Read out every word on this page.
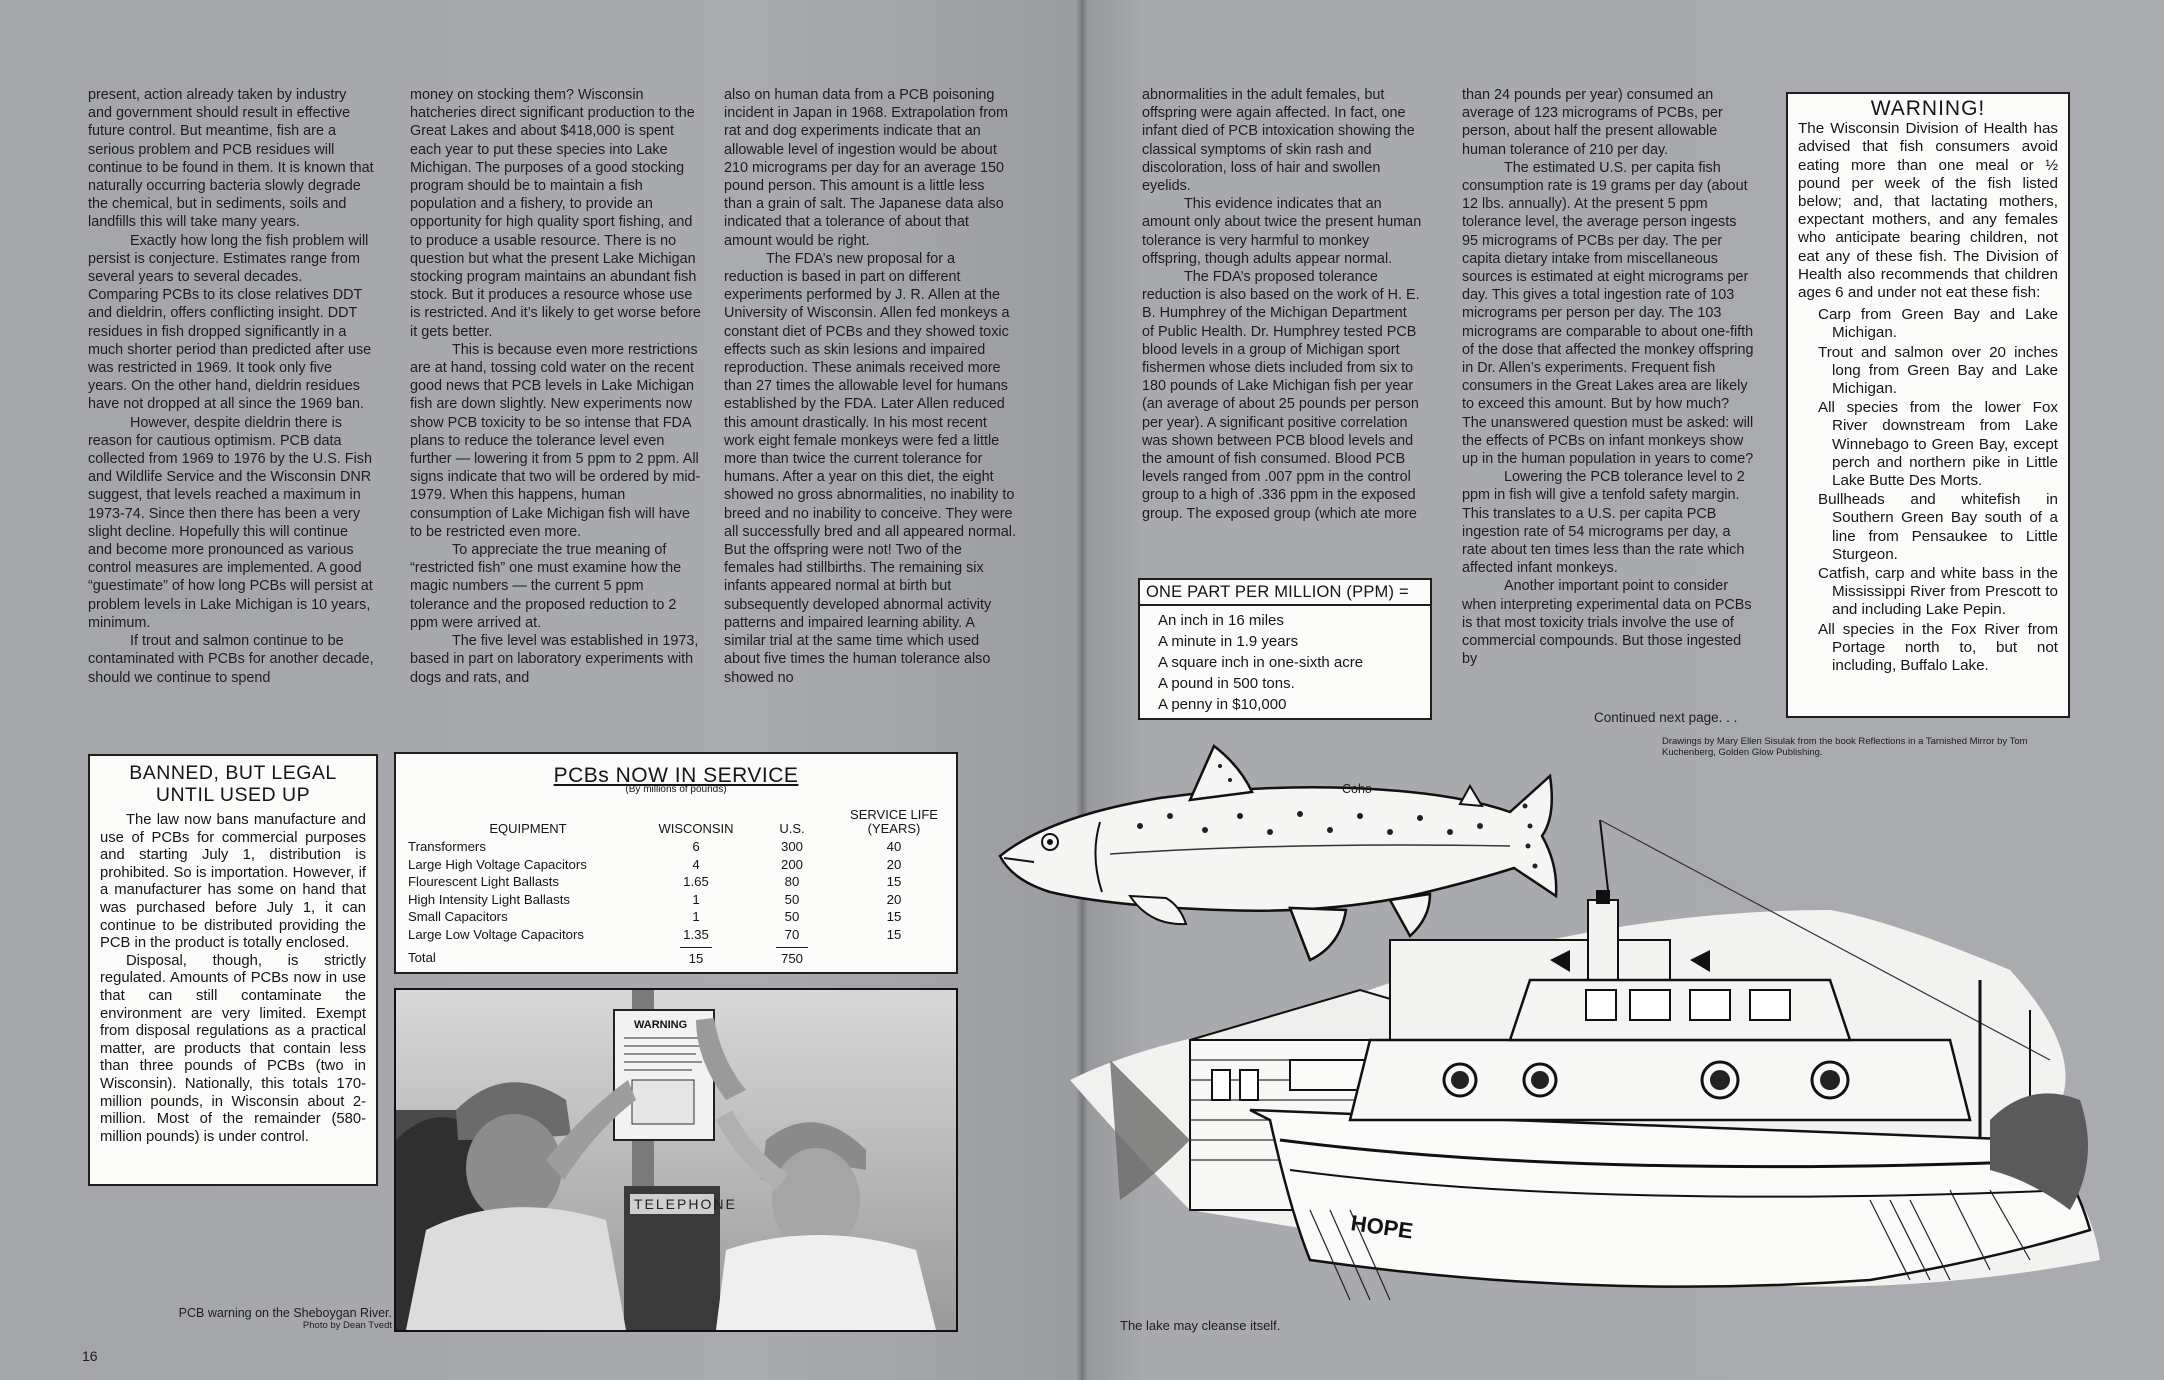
present, action already taken by industry and government should result in effective future control. But meantime, fish are a serious problem and PCB residues will continue to be found in them. It is known that naturally occurring bacteria slowly degrade the chemical, but in sediments, soils and landfills this will take many years.

Exactly how long the fish problem will persist is conjecture. Estimates range from several years to several decades. Comparing PCBs to its close relatives DDT and dieldrin, offers conflicting insight. DDT residues in fish dropped significantly in a much shorter period than predicted after use was restricted in 1969. It took only five years. On the other hand, dieldrin residues have not dropped at all since the 1969 ban.

However, despite dieldrin there is reason for cautious optimism. PCB data collected from 1969 to 1976 by the U.S. Fish and Wildlife Service and the Wisconsin DNR suggest, that levels reached a maximum in 1973-74. Since then there has been a very slight decline. Hopefully this will continue and become more pronounced as various control measures are implemented. A good “guestimate” of how long PCBs will persist at problem levels in Lake Michigan is 10 years, minimum.

If trout and salmon continue to be contaminated with PCBs for another decade, should we continue to spend

money on stocking them? Wisconsin hatcheries direct significant production to the Great Lakes and about $418,000 is spent each year to put these species into Lake Michigan. The purposes of a good stocking program should be to maintain a fish population and a fishery, to provide an opportunity for high quality sport fishing, and to produce a usable resource. There is no question but what the present Lake Michigan stocking program maintains an abundant fish stock. But it produces a resource whose use is restricted. And it’s likely to get worse before it gets better.

This is because even more restrictions are at hand, tossing cold water on the recent good news that PCB levels in Lake Michigan fish are down slightly. New experiments now show PCB toxicity to be so intense that FDA plans to reduce the tolerance level even further — lowering it from 5 ppm to 2 ppm. All signs indicate that two will be ordered by mid-1979. When this happens, human consumption of Lake Michigan fish will have to be restricted even more.

To appreciate the true meaning of “restricted fish” one must examine how the magic numbers — the current 5 ppm tolerance and the proposed reduction to 2 ppm were arrived at.

The five level was established in 1973, based in part on laboratory experiments with dogs and rats, and

also on human data from a PCB poisoning incident in Japan in 1968. Extrapolation from rat and dog experiments indicate that an allowable level of ingestion would be about 210 micrograms per day for an average 150 pound person. This amount is a little less than a grain of salt. The Japanese data also indicated that a tolerance of about that amount would be right.

The FDA’s new proposal for a reduction is based in part on different experiments performed by J. R. Allen at the University of Wisconsin. Allen fed monkeys a constant diet of PCBs and they showed toxic effects such as skin lesions and impaired reproduction. These animals received more than 27 times the allowable level for humans established by the FDA. Later Allen reduced this amount drastically. In his most recent work eight female monkeys were fed a little more than twice the current tolerance for humans. After a year on this diet, the eight showed no gross abnormalities, no inability to breed and no inability to conceive. They were all successfully bred and all appeared normal. But the offspring were not! Two of the females had stillbirths. The remaining six infants appeared normal at birth but subsequently developed abnormal activity patterns and impaired learning ability. A similar trial at the same time which used about five times the human tolerance also showed no

BANNED, BUT LEGAL UNTIL USED UP

The law now bans manufacture and use of PCBs for commercial purposes and starting July 1, distribution is prohibited. So is importation. However, if a manufacturer has some on hand that was purchased before July 1, it can continue to be distributed providing the PCB in the product is totally enclosed.

Disposal, though, is strictly regulated. Amounts of PCBs now in use that can still contaminate the environment are very limited. Exempt from disposal regulations as a practical matter, are products that contain less than three pounds of PCBs (two in Wisconsin). Nationally, this totals 170-million pounds, in Wisconsin about 2-million. Most of the remainder (580-million pounds) is under control.

PCBs NOW IN SERVICE
(By millions of pounds)
EQUIPMENT	WISCONSIN	U.S.	SERVICE LIFE (YEARS)
Transformers	6	300	40
Large High Voltage Capacitors	4	200	20
Flourescent Light Ballasts	1.65	80	15
High Intensity Light Ballasts	1	50	20
Small Capacitors	1	50	15
Large Low Voltage Capacitors	1.35	70	15
Total	15	750	
TELEPHONE
WARNING
PCB warning on the Sheboygan River.
Photo by Dean Tvedt
16

abnormalities in the adult females, but offspring were again affected. In fact, one infant died of PCB intoxication showing the classical symptoms of skin rash and discoloration, loss of hair and swollen eyelids.

This evidence indicates that an amount only about twice the present human tolerance is very harmful to monkey offspring, though adults appear normal.

The FDA’s proposed tolerance reduction is also based on the work of H. E. B. Humphrey of the Michigan Department of Public Health. Dr. Humphrey tested PCB blood levels in a group of Michigan sport fishermen whose diets included from six to 180 pounds of Lake Michigan fish per year (an average of about 25 pounds per person per year). A significant positive correlation was shown between PCB blood levels and the amount of fish consumed. Blood PCB levels ranged from .007 ppm in the control group to a high of .336 ppm in the exposed group. The exposed group (which ate more

than 24 pounds per year) consumed an average of 123 micrograms of PCBs, per person, about half the present allowable human tolerance of 210 per day.

The estimated U.S. per capita fish consumption rate is 19 grams per day (about 12 lbs. annually). At the present 5 ppm tolerance level, the average person ingests 95 micrograms of PCBs per day. The per capita dietary intake from miscellaneous sources is estimated at eight micrograms per day. This gives a total ingestion rate of 103 micrograms per person per day. The 103 micrograms are comparable to about one-fifth of the dose that affected the monkey offspring in Dr. Allen’s experiments. Frequent fish consumers in the Great Lakes area are likely to exceed this amount. But by how much? The unanswered question must be asked: will the effects of PCBs on infant monkeys show up in the human population in years to come?

Lowering the PCB tolerance level to 2 ppm in fish will give a tenfold safety margin. This translates to a U.S. per capita PCB ingestion rate of 54 micrograms per day, a rate about ten times less than the rate which affected infant monkeys.

Another important point to consider when interpreting experimental data on PCBs is that most toxicity trials involve the use of commercial compounds. But those ingested by

ONE PART PER MILLION (PPM) =
An inch in 16 miles
A minute in 1.9 years
A square inch in one-sixth acre
A pound in 500 tons.
A penny in $10,000
WARNING!

The Wisconsin Division of Health has advised that fish consumers avoid eating more than one meal or ½ pound per week of the fish listed below; and, that lactating mothers, expectant mothers, and any females who anticipate bearing children, not eat any of these fish. The Division of Health also recommends that children ages 6 and under not eat these fish:

Carp from Green Bay and Lake Michigan.
Trout and salmon over 20 inches long from Green Bay and Lake Michigan.
All species from the lower Fox River downstream from Lake Winnebago to Green Bay, except perch and northern pike in Little Lake Butte Des Morts.
Bullheads and whitefish in Southern Green Bay south of a line from Pensaukee to Little Sturgeon.
Catfish, carp and white bass in the Mississippi River from Prescott to and including Lake Pepin.
All species in the Fox River from Portage north to, but not including, Buffalo Lake.
Continued next page. . .
Drawings by Mary Ellen Sisulak from the book Reflections in a Tarnished Mirror by Tom Kuchenberg, Golden Glow Publishing.
HOPE
Coho
The lake may cleanse itself.
